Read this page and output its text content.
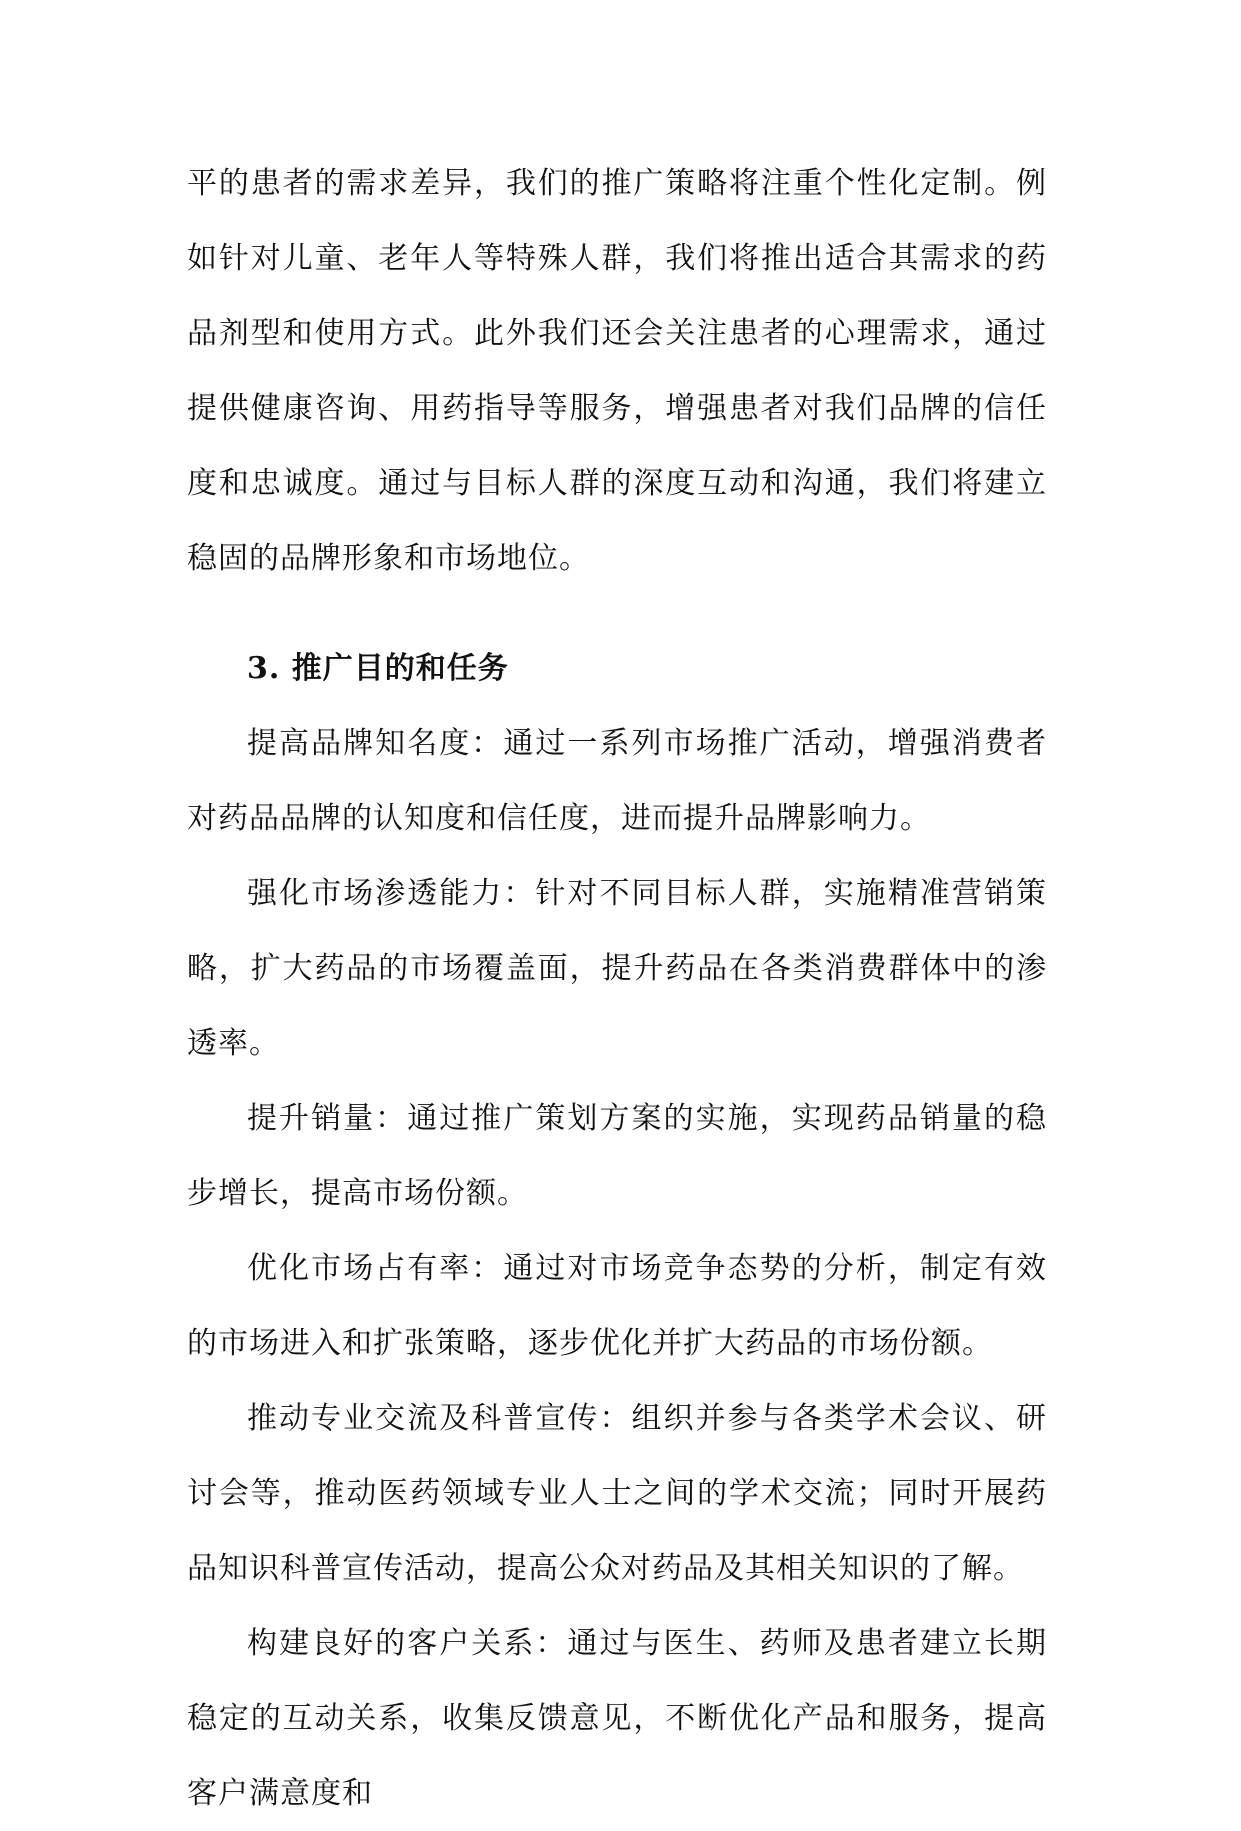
平的患者的需求差异，我们的推广策略将注重个性化定制。例如针对儿童、老年人等特殊人群，我们将推出适合其需求的药品剂型和使用方式。此外我们还会关注患者的心理需求，通过提供健康咨询、用药指导等服务，增强患者对我们品牌的信任度和忠诚度。通过与目标人群的深度互动和沟通，我们将建立稳固的品牌形象和市场地位。

3. 推广目的和任务

提高品牌知名度：通过一系列市场推广活动，增强消费者对药品品牌的认知度和信任度，进而提升品牌影响力。

强化市场渗透能力：针对不同目标人群，实施精准营销策略，扩大药品的市场覆盖面，提升药品在各类消费群体中的渗透率。

提升销量：通过推广策划方案的实施，实现药品销量的稳步增长，提高市场份额。

优化市场占有率：通过对市场竞争态势的分析，制定有效的市场进入和扩张策略，逐步优化并扩大药品的市场份额。

推动专业交流及科普宣传：组织并参与各类学术会议、研讨会等，推动医药领域专业人士之间的学术交流；同时开展药品知识科普宣传活动，提高公众对药品及其相关知识的了解。

构建良好的客户关系：通过与医生、药师及患者建立长期稳定的互动关系，收集反馈意见，不断优化产品和服务，提高客户满意度和
